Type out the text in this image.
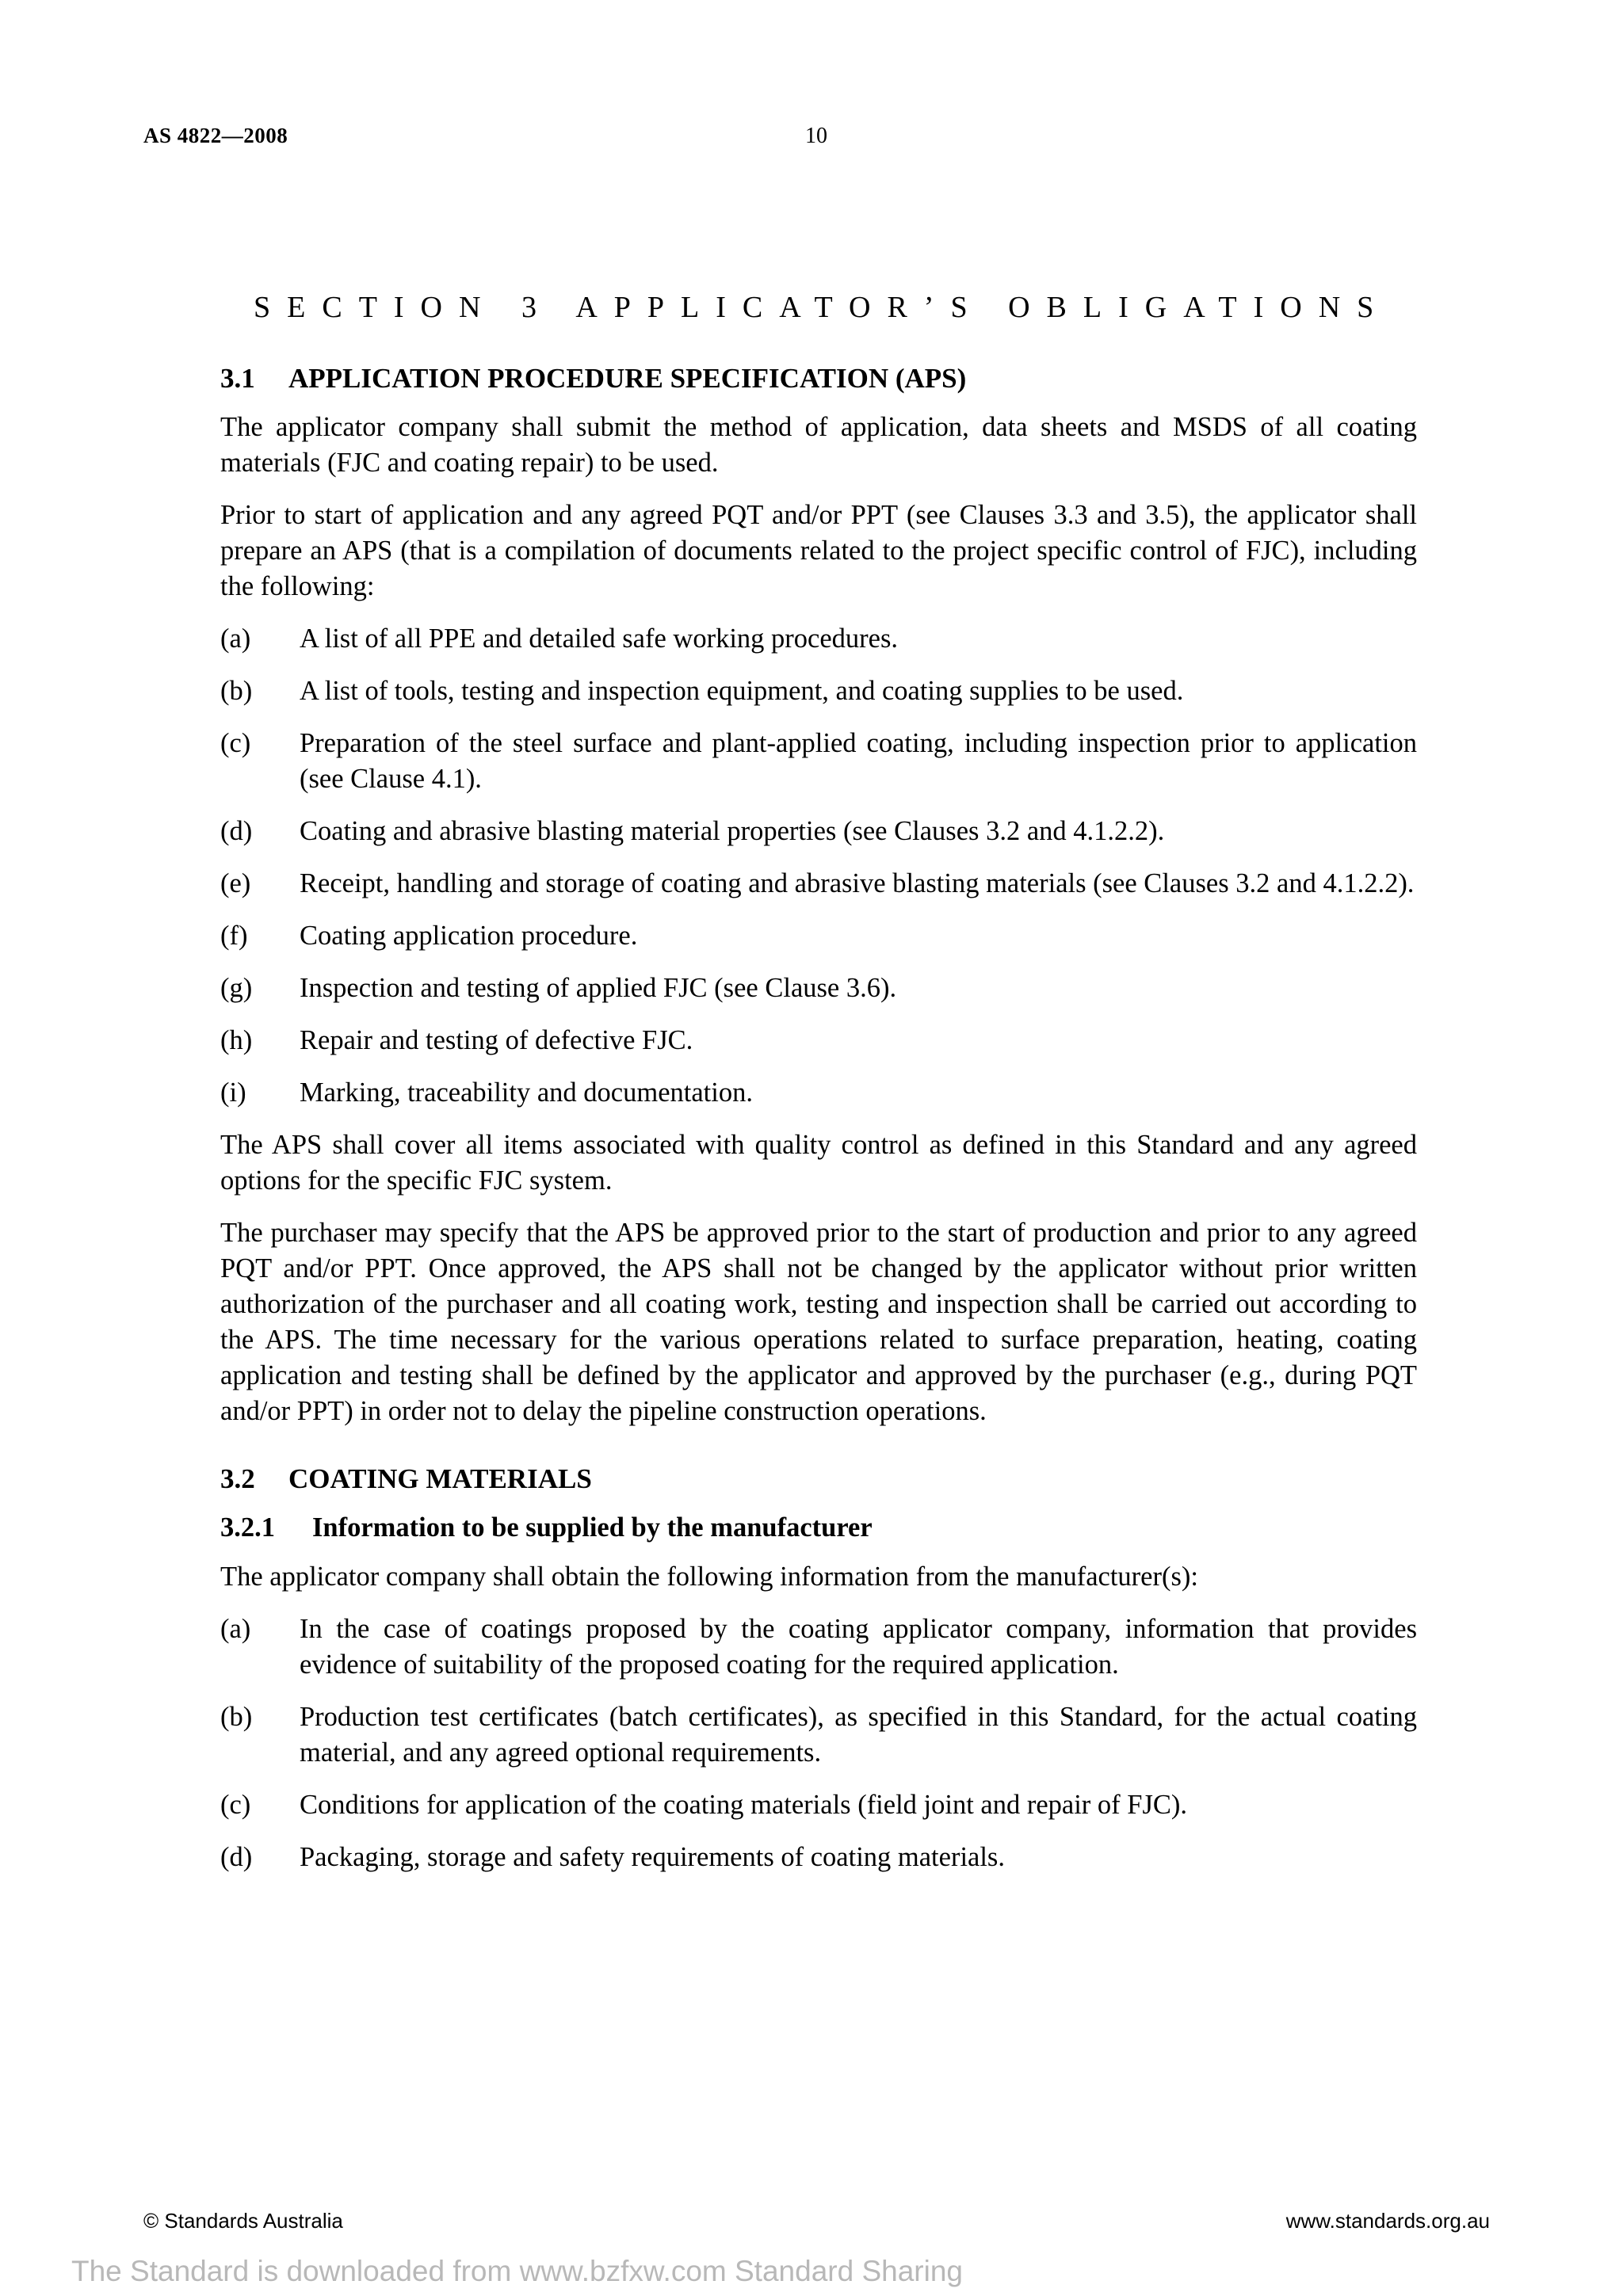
AS 4822—2008	10
SECTION 3 APPLICATOR’S OBLIGATIONS
3.1 APPLICATION PROCEDURE SPECIFICATION (APS)
The applicator company shall submit the method of application, data sheets and MSDS of all coating materials (FJC and coating repair) to be used.
Prior to start of application and any agreed PQT and/or PPT (see Clauses 3.3 and 3.5), the applicator shall prepare an APS (that is a compilation of documents related to the project specific control of FJC), including the following:
(a)	A list of all PPE and detailed safe working procedures.
(b)	A list of tools, testing and inspection equipment, and coating supplies to be used.
(c)	Preparation of the steel surface and plant-applied coating, including inspection prior to application (see Clause 4.1).
(d)	Coating and abrasive blasting material properties (see Clauses 3.2 and 4.1.2.2).
(e)	Receipt, handling and storage of coating and abrasive blasting materials (see Clauses 3.2 and 4.1.2.2).
(f)	Coating application procedure.
(g)	Inspection and testing of applied FJC (see Clause 3.6).
(h)	Repair and testing of defective FJC.
(i)	Marking, traceability and documentation.
The APS shall cover all items associated with quality control as defined in this Standard and any agreed options for the specific FJC system.
The purchaser may specify that the APS be approved prior to the start of production and prior to any agreed PQT and/or PPT. Once approved, the APS shall not be changed by the applicator without prior written authorization of the purchaser and all coating work, testing and inspection shall be carried out according to the APS. The time necessary for the various operations related to surface preparation, heating, coating application and testing shall be defined by the applicator and approved by the purchaser (e.g., during PQT and/or PPT) in order not to delay the pipeline construction operations.
3.2 COATING MATERIALS
3.2.1 Information to be supplied by the manufacturer
The applicator company shall obtain the following information from the manufacturer(s):
(a)	In the case of coatings proposed by the coating applicator company, information that provides evidence of suitability of the proposed coating for the required application.
(b)	Production test certificates (batch certificates), as specified in this Standard, for the actual coating material, and any agreed optional requirements.
(c)	Conditions for application of the coating materials (field joint and repair of FJC).
(d)	Packaging, storage and safety requirements of coating materials.
© Standards Australia	www.standards.org.au
The Standard is downloaded from www.bzfxw.com Standard Sharing
